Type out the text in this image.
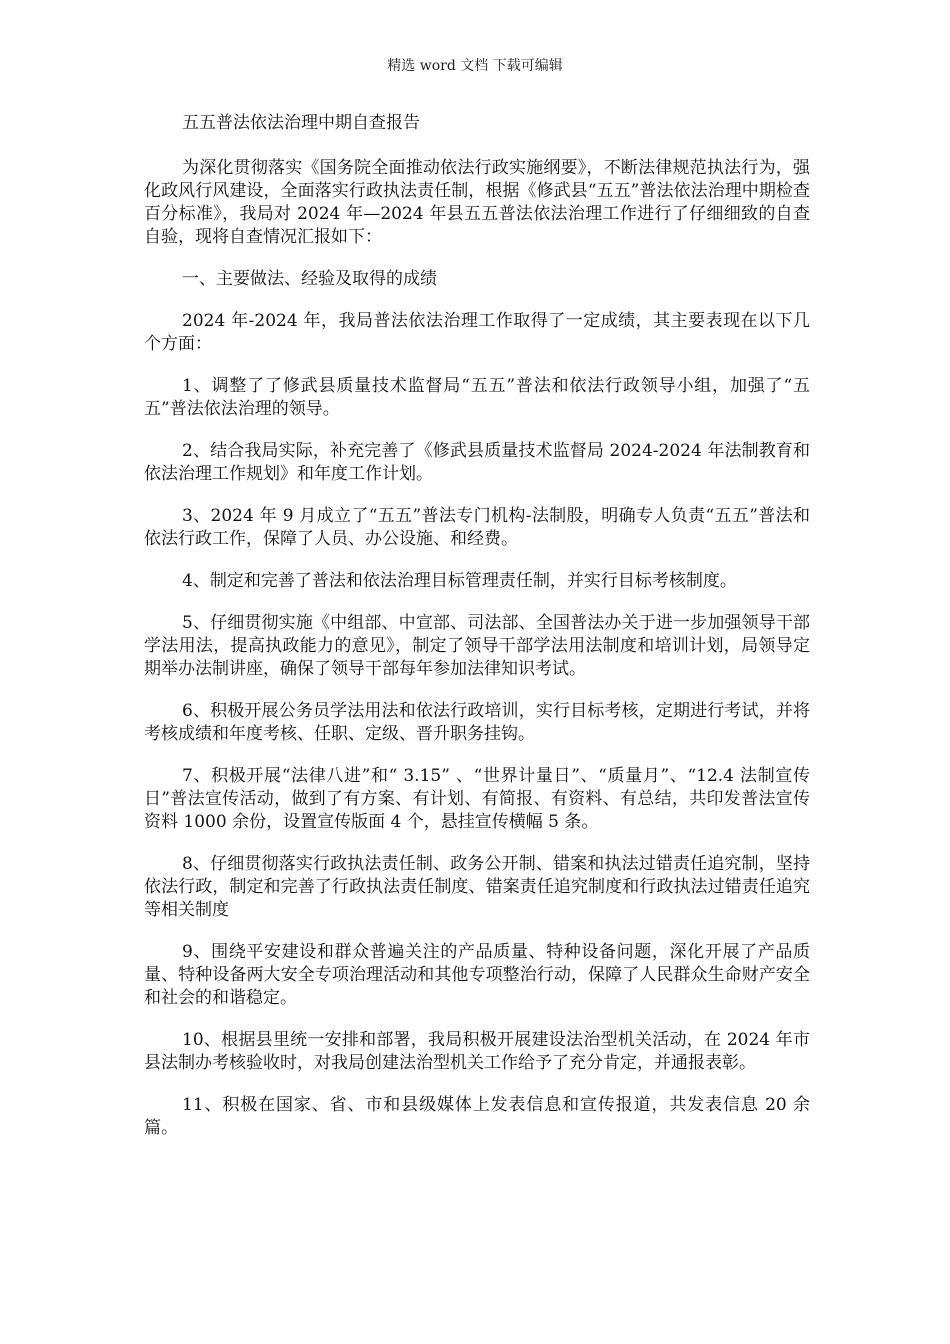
精选 word 文档 下载可编辑

五五普法依法治理中期自查报告

为深化贯彻落实《国务院全面推动依法行政实施纲要》，不断法律规范执法行为，强化政风行风建设，全面落实行政执法责任制，根据《修武县“五五”普法依法治理中期检查百分标准》，我局对 2024 年—2024 年县五五普法依法治理工作进行了仔细细致的自查自验，现将自查情况汇报如下：

一、主要做法、经验及取得的成绩

2024 年-2024 年，我局普法依法治理工作取得了一定成绩，其主要表现在以下几个方面：

1、调整了了修武县质量技术监督局“五五”普法和依法行政领导小组，加强了“五五”普法依法治理的领导。

2、结合我局实际，补充完善了《修武县质量技术监督局 2024-2024 年法制教育和依法治理工作规划》和年度工作计划。

3、2024 年 9 月成立了“五五”普法专门机构-法制股，明确专人负责“五五”普法和依法行政工作，保障了人员、办公设施、和经费。

4、制定和完善了普法和依法治理目标管理责任制，并实行目标考核制度。

5、仔细贯彻实施《中组部、中宣部、司法部、全国普法办关于进一步加强领导干部学法用法，提高执政能力的意见》，制定了领导干部学法用法制度和培训计划，局领导定期举办法制讲座，确保了领导干部每年参加法律知识考试。

6、积极开展公务员学法用法和依法行政培训，实行目标考核，定期进行考试，并将考核成绩和年度考核、任职、定级、晋升职务挂钩。

7、积极开展“法律八进”和“ 3.15” 、“世界计量日”、“质量月”、“12.4 法制宣传日”普法宣传活动，做到了有方案、有计划、有简报、有资料、有总结，共印发普法宣传资料 1000 余份，设置宣传版面 4 个，悬挂宣传横幅 5 条。

8、仔细贯彻落实行政执法责任制、政务公开制、错案和执法过错责任追究制，坚持依法行政，制定和完善了行政执法责任制度、错案责任追究制度和行政执法过错责任追究等相关制度

9、围绕平安建设和群众普遍关注的产品质量、特种设备问题，深化开展了产品质量、特种设备两大安全专项治理活动和其他专项整治行动，保障了人民群众生命财产安全和社会的和谐稳定。

10、根据县里统一安排和部署，我局积极开展建设法治型机关活动，在 2024 年市县法制办考核验收时，对我局创建法治型机关工作给予了充分肯定，并通报表彰。

11、积极在国家、省、市和县级媒体上发表信息和宣传报道，共发表信息 20 余篇。
